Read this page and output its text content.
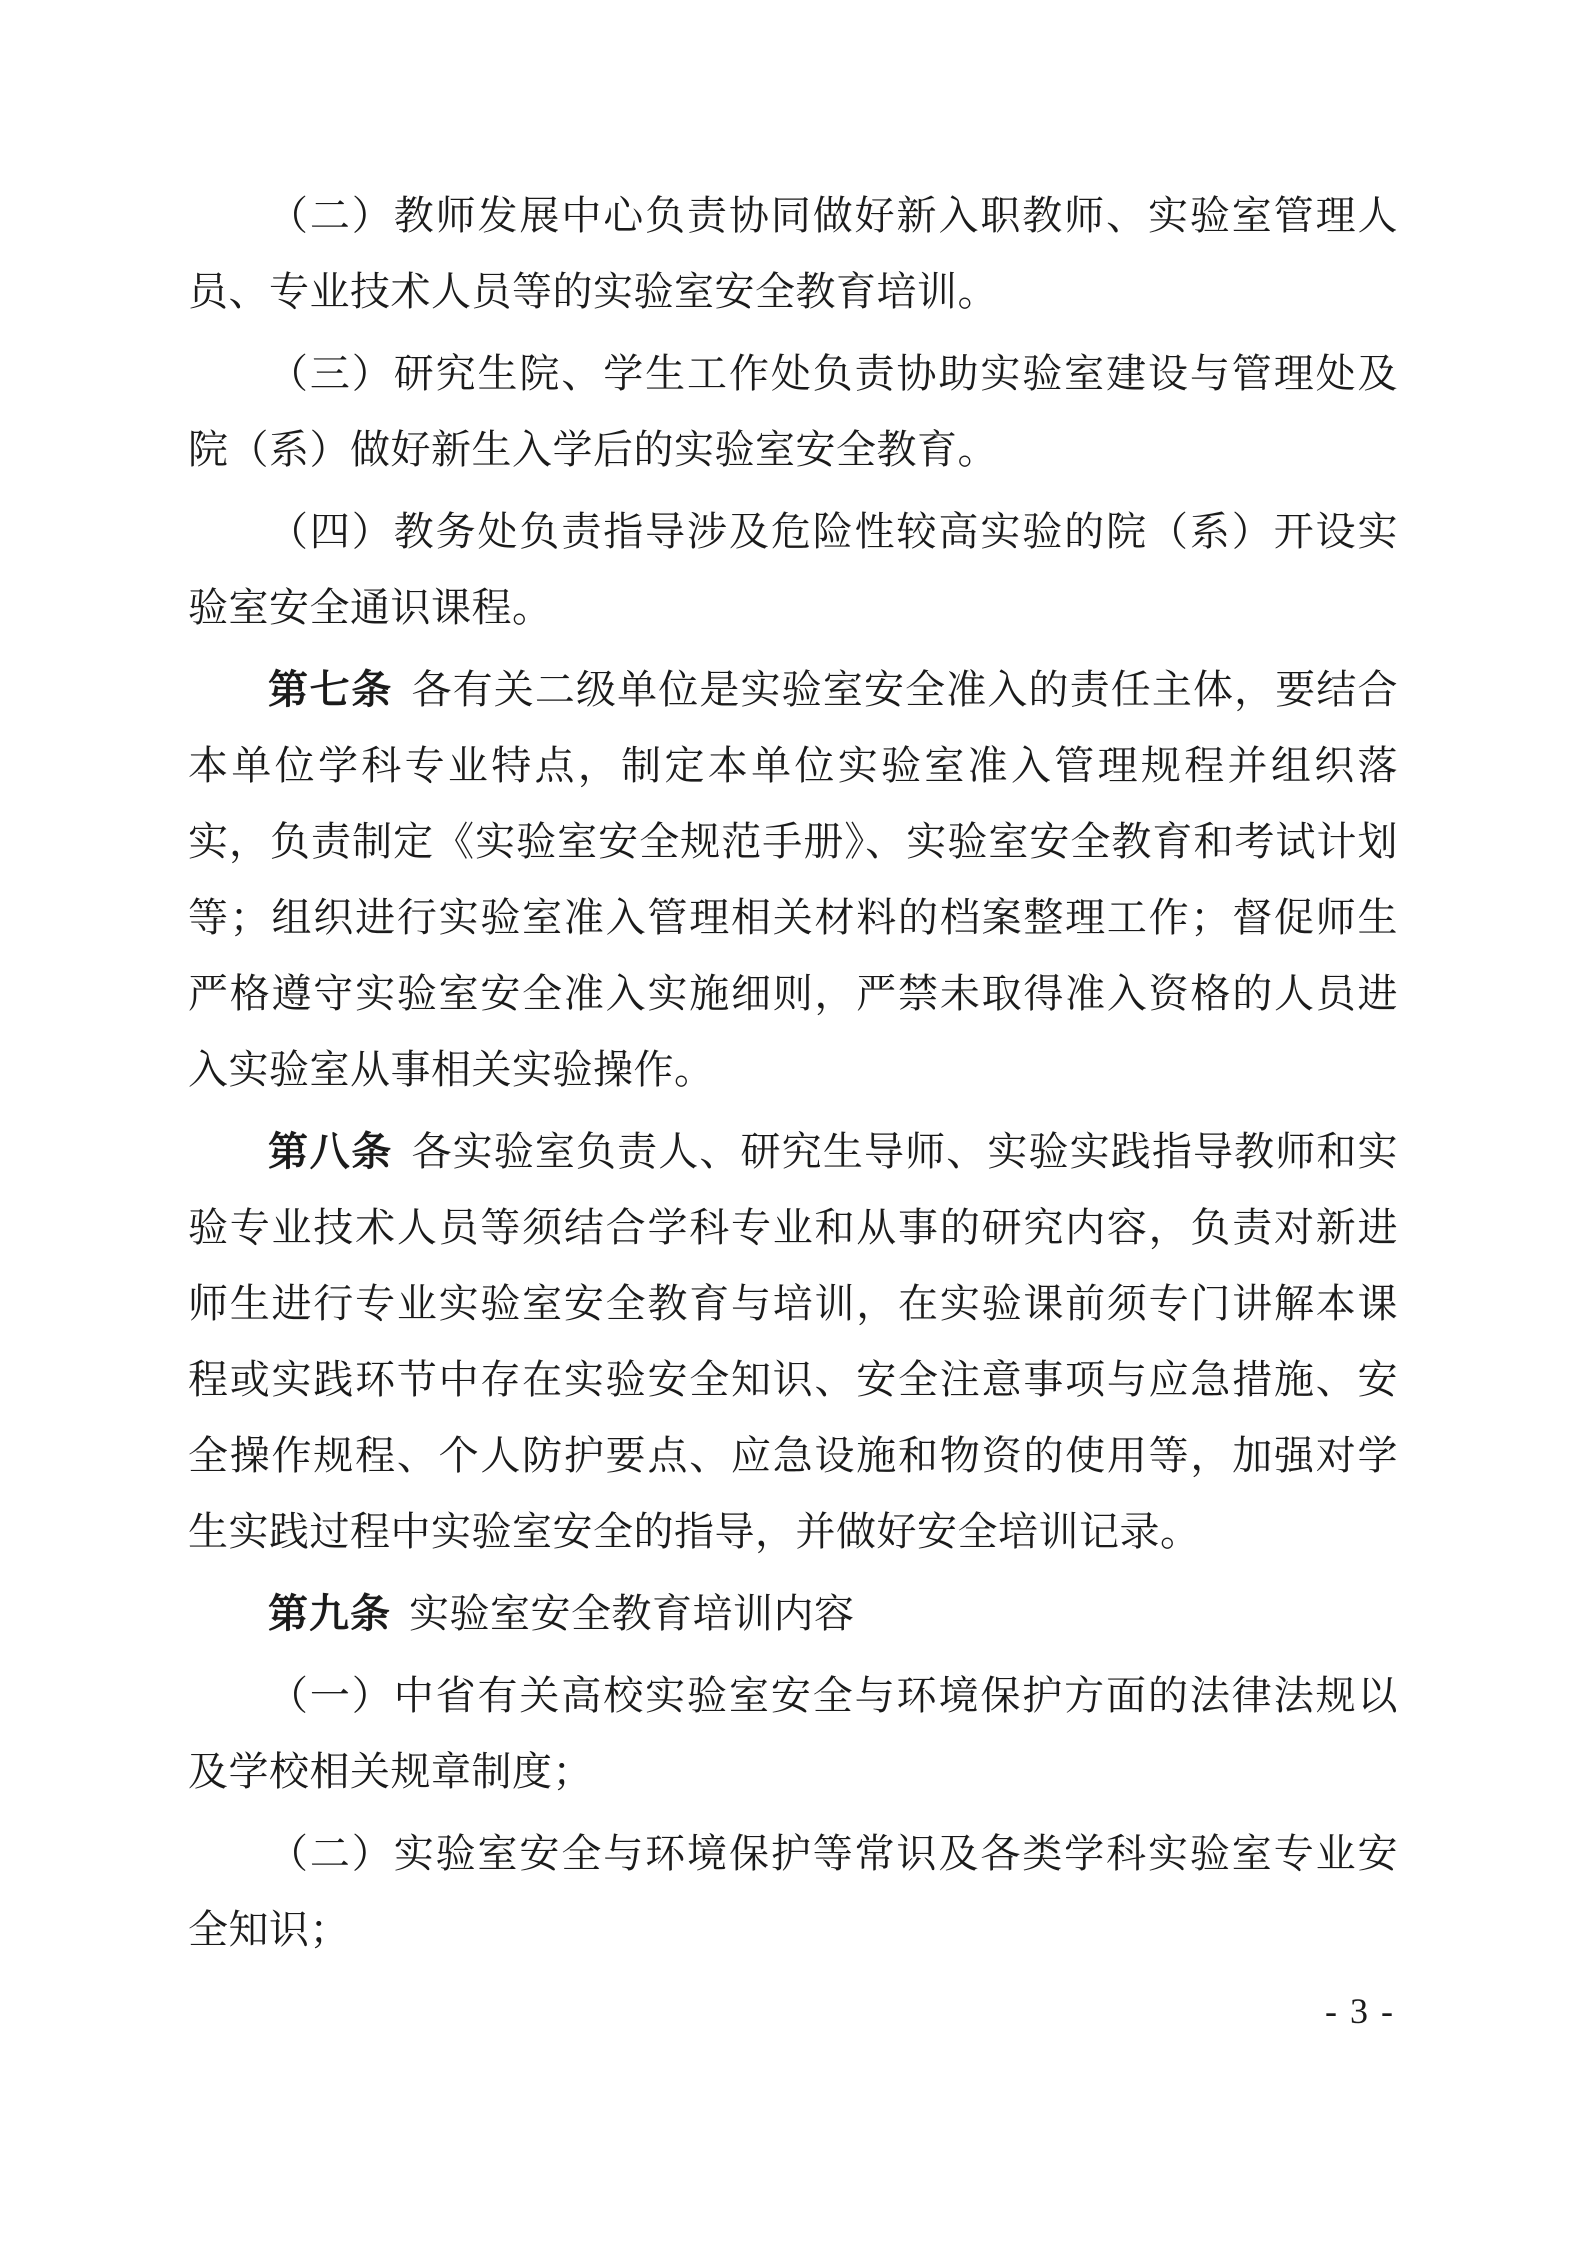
（二）教师发展中心负责协同做好新入职教师、实验室管理人员、专业技术人员等的实验室安全教育培训。

（三）研究生院、学生工作处负责协助实验室建设与管理处及院（系）做好新生入学后的实验室安全教育。

（四）教务处负责指导涉及危险性较高实验的院（系）开设实验室安全通识课程。

第七条 各有关二级单位是实验室安全准入的责任主体，要结合本单位学科专业特点，制定本单位实验室准入管理规程并组织落实，负责制定《实验室安全规范手册》、实验室安全教育和考试计划等；组织进行实验室准入管理相关材料的档案整理工作；督促师生严格遵守实验室安全准入实施细则，严禁未取得准入资格的人员进入实验室从事相关实验操作。

第八条 各实验室负责人、研究生导师、实验实践指导教师和实验专业技术人员等须结合学科专业和从事的研究内容，负责对新进师生进行专业实验室安全教育与培训，在实验课前须专门讲解本课程或实践环节中存在实验安全知识、安全注意事项与应急措施、安全操作规程、个人防护要点、应急设施和物资的使用等，加强对学生实践过程中实验室安全的指导，并做好安全培训记录。

第九条 实验室安全教育培训内容

（一）中省有关高校实验室安全与环境保护方面的法律法规以及学校相关规章制度；

（二）实验室安全与环境保护等常识及各类学科实验室专业安全知识；

- 3 -
